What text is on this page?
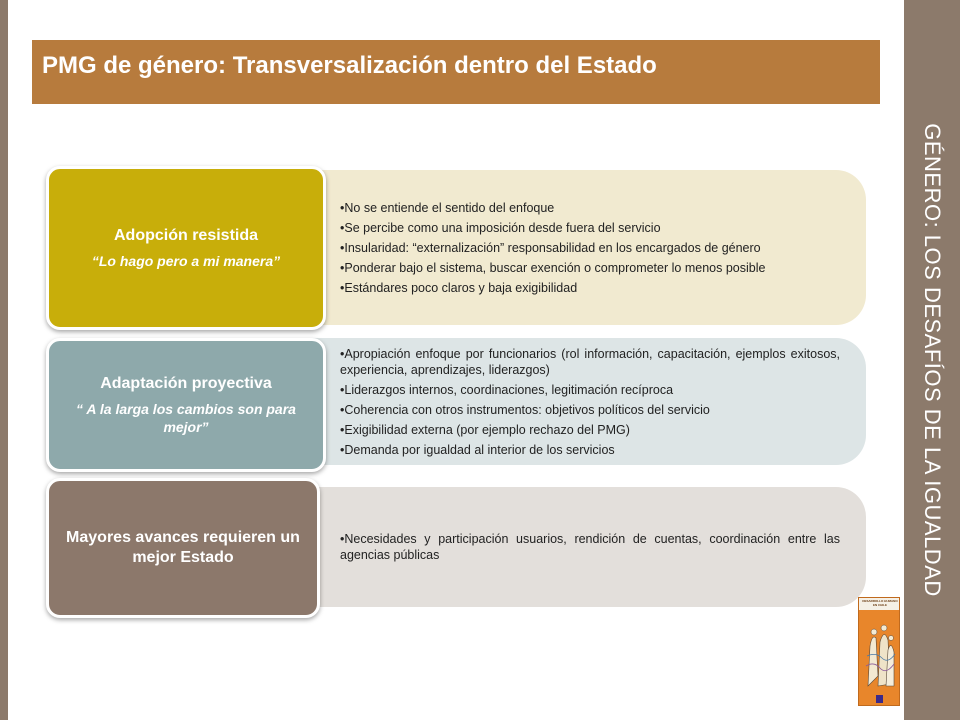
GÉNERO: LOS DESAFÍOS DE LA IGUALDAD
PMG de género: Transversalización dentro del Estado
•No se entiende el sentido del enfoque
•Se percibe como una imposición desde fuera del servicio
•Insularidad: “externalización” responsabilidad en los encargados de género
•Ponderar bajo el sistema, buscar exención o comprometer lo menos posible
•Estándares poco claros y baja exigibilidad
Adopción resistida
“Lo hago pero a mi manera”
•Apropiación enfoque por funcionarios (rol información, capacitación, ejemplos exitosos, experiencia, aprendizajes, liderazgos)
•Liderazgos internos, coordinaciones, legitimación recíproca
•Coherencia con otros instrumentos: objetivos políticos del servicio
•Exigibilidad externa (por ejemplo rechazo del PMG)
•Demanda por igualdad al interior de los servicios
Adaptación proyectiva
“ A la larga los cambios son para mejor”
•Necesidades y participación usuarios, rendición de cuentas, coordinación entre las agencias públicas
Mayores avances requieren un mejor Estado
DESARROLLO HUMANO EN CHILE
